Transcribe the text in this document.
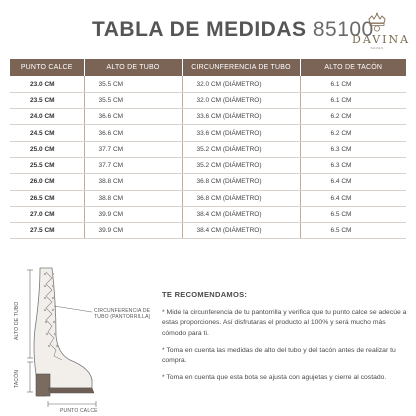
TABLA DE MEDIDAS 85100
DAVINA
SHOES
PUNTO CALCE	ALTO DE TUBO	CIRCUNFERENCIA DE TUBO	ALTO DE TACÓN
23.0 CM	35.5 CM	32.0 CM (DIÁMETRO)	6.1 CM
23.5 CM	35.5 CM	32.0 CM (DIÁMETRO)	6.1 CM
24.0 CM	36.6 CM	33.6 CM (DIÁMETRO)	6.2 CM
24.5 CM	36.6 CM	33.6 CM (DIÁMETRO)	6.2 CM
25.0 CM	37.7 CM	35.2 CM (DIÁMETRO)	6.3 CM
25.5 CM	37.7 CM	35.2 CM (DIÁMETRO)	6.3 CM
26.0 CM	38.8 CM	36.8 CM (DIÁMETRO)	6.4 CM
26.5 CM	38.8 CM	36.8 CM (DIÁMETRO)	6.4 CM
27.0 CM	39.9 CM	38.4 CM (DIÁMETRO)	6.5 CM
27.5 CM	39.9 CM	38.4 CM (DIÁMETRO)	6.5 CM
ALTO DE TUBO
TACÓN
CIRCUNFERENCIA DE
TUBO (PANTORRILLA)
PUNTO CALCE
TE RECOMENDAMOS:

* Mide la circunferencia de tu pantorrilla y verifica que tu punto calce se adecúe a estas proporciones. Así disfrutaras el producto al 100% y será mucho más cómodo para ti.

* Toma en cuenta las medidas de alto del tubo y del tacón antes de realizar tu compra.

* Toma en cuenta que esta bota se ajusta con agujetas y cierre al costado.
